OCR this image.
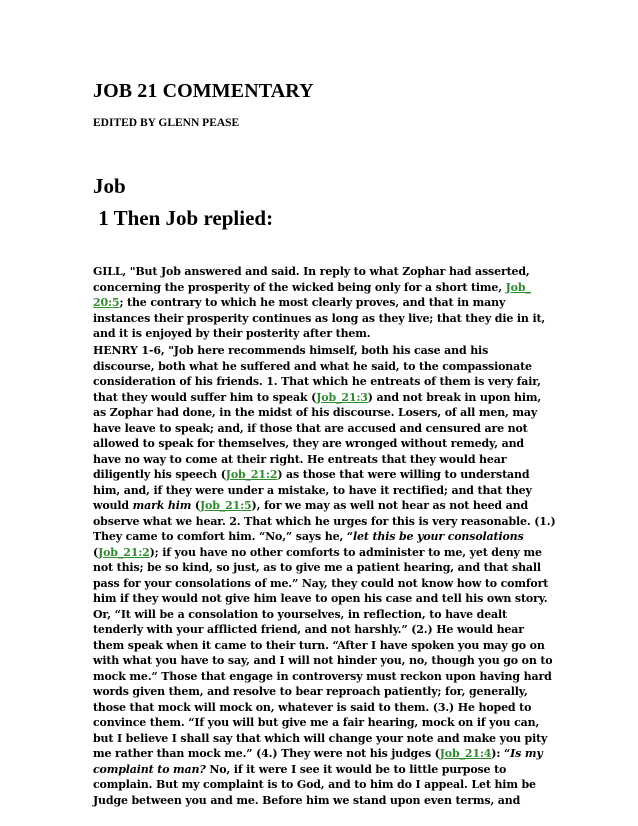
JOB 21 COMMENTARY
EDITED BY GLENN PEASE
Job
1 Then Job replied:
GILL, "But Job answered and said. In reply to what Zophar had asserted,
concerning the prosperity of the wicked being only for a short time, Job_
20:5; the contrary to which he most clearly proves, and that in many
instances their prosperity continues as long as they live; that they die in it,
and it is enjoyed by their posterity after them.
HENRY 1-6, "Job here recommends himself, both his case and his
discourse, both what he suffered and what he said, to the compassionate
consideration of his friends. 1. That which he entreats of them is very fair,
that they would suffer him to speak (Job_21:3) and not break in upon him,
as Zophar had done, in the midst of his discourse. Losers, of all men, may
have leave to speak; and, if those that are accused and censured are not
allowed to speak for themselves, they are wronged without remedy, and
have no way to come at their right. He entreats that they would hear
diligently his speech (Job_21:2) as those that were willing to understand
him, and, if they were under a mistake, to have it rectified; and that they
would mark him (Job_21:5), for we may as well not hear as not heed and
observe what we hear. 2. That which he urges for this is very reasonable. (1.)
They came to comfort him. “No,” says he, “let this be your consolations
(Job_21:2); if you have no other comforts to administer to me, yet deny me
not this; be so kind, so just, as to give me a patient hearing, and that shall
pass for your consolations of me.” Nay, they could not know how to comfort
him if they would not give him leave to open his case and tell his own story.
Or, “It will be a consolation to yourselves, in reflection, to have dealt
tenderly with your afflicted friend, and not harshly.” (2.) He would hear
them speak when it came to their turn. “After I have spoken you may go on
with what you have to say, and I will not hinder you, no, though you go on to
mock me.” Those that engage in controversy must reckon upon having hard
words given them, and resolve to bear reproach patiently; for, generally,
those that mock will mock on, whatever is said to them. (3.) He hoped to
convince them. “If you will but give me a fair hearing, mock on if you can,
but I believe I shall say that which will change your note and make you pity
me rather than mock me.” (4.) They were not his judges (Job_21:4): “Is my
complaint to man? No, if it were I see it would be to little purpose to
complain. But my complaint is to God, and to him do I appeal. Let him be
Judge between you and me. Before him we stand upon even terms, and
